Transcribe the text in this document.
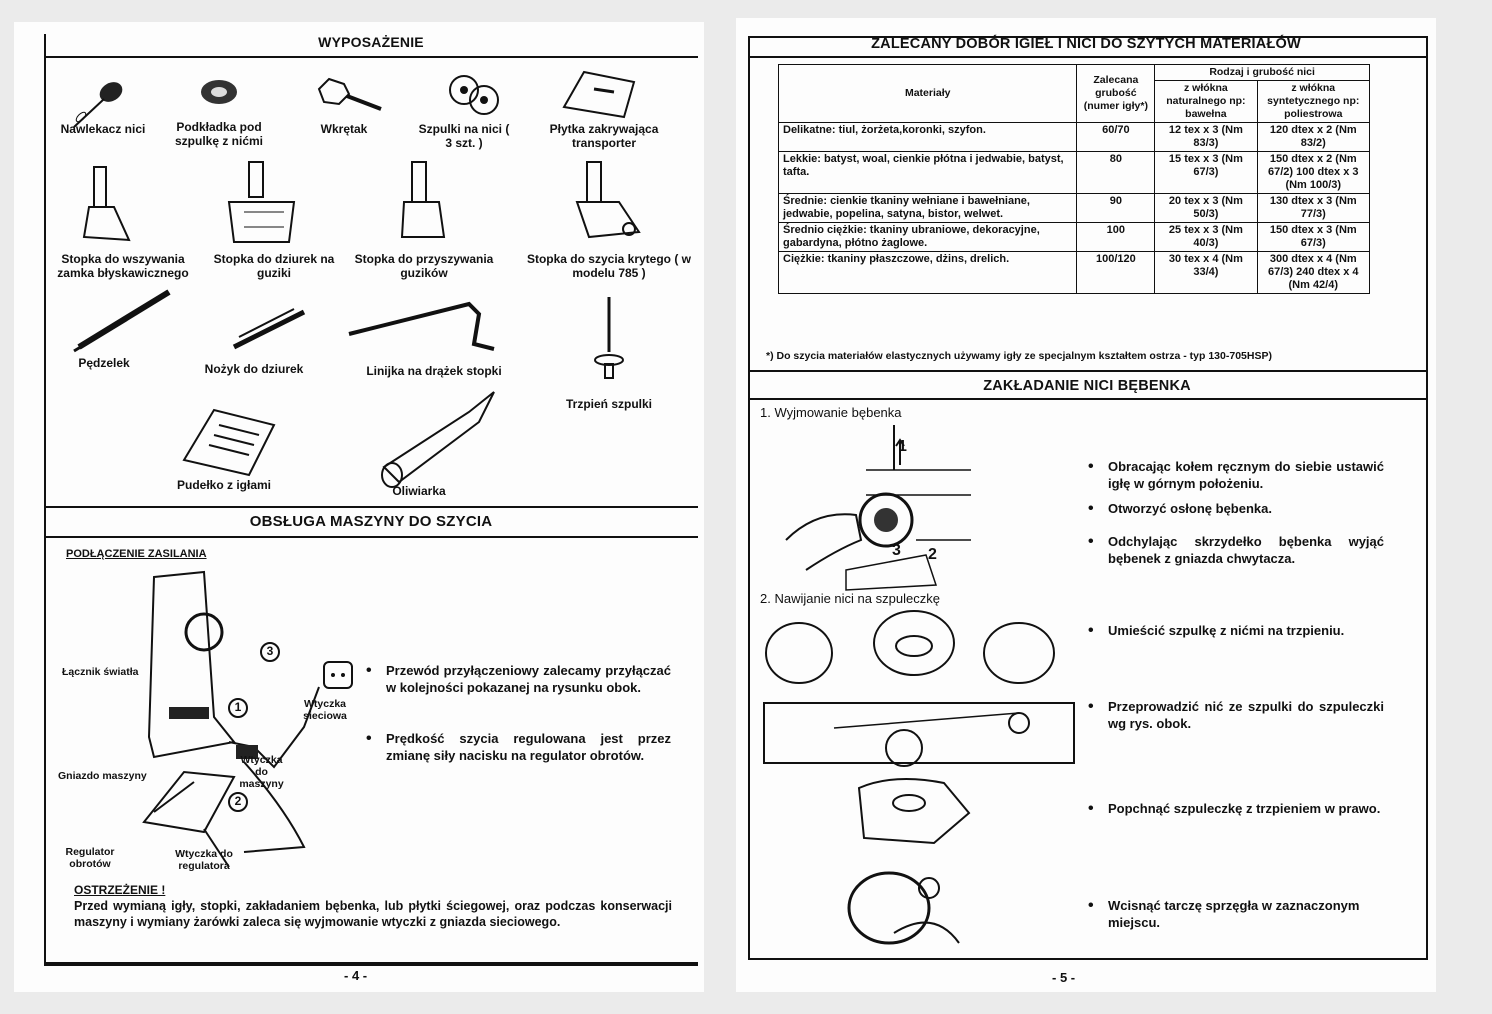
WYPOSAŻENIE
Nawlekacz nici	Podkładka pod szpulkę z nićmi
Wkrętak	Szpulki na nici ( 3 szt. )
Płytka zakrywająca transporter
Stopka do wszywania zamka błyskawicznego
Stopka do dziurek na guziki
Stopka do przyszywania guzików
Stopka do szycia krytego ( w modelu 785 )
Pędzelek	Nożyk do dziurek	Linijka na drążek stopki
Trzpień szpulki
Pudełko z igłami	Oliwiarka
OBSŁUGA MASZYNY DO SZYCIA
PODŁĄCZENIE ZASILANIA
Łącznik światła
Gniazdo maszyny
Regulator obrotów
Wtyczka do regulatora
Wtyczka do maszyny
Wtyczka sieciowa
1
2
3
• Przewód przyłączeniowy zalecamy przyłączać w kolejności pokazanej na rysunku obok.
• Prędkość szycia regulowana jest przez zmianę siły nacisku na regulator obrotów.
OSTRZEŻENIE !
Przed wymianą igły, stopki, zakładaniem bębenka, lub płytki ściegowej, oraz podczas konserwacji maszyny i wymiany żarówki zaleca się wyjmowanie wtyczki z gniazda sieciowego.
- 4 -
ZALECANY DOBÓR IGIEŁ I NICI DO SZYTYCH MATERIAŁÓW
Materiały	Zalecana grubość (numer igły*)	Rodzaj i grubość nici	
		z włókna naturalnego np: bawełna	z włókna syntetycznego np: poliestrowa
Delikatne: tiul, żorżeta,koronki, szyfon.	60/70	12 tex x 3 (Nm 83/3)	120 dtex x 2 (Nm 83/2)
Lekkie: batyst, woal, cienkie płótna i jedwabie, batyst, tafta.	80	15 tex x 3 (Nm 67/3)	150 dtex x 2 (Nm 67/2) 100 dtex x 3 (Nm 100/3)
Średnie: cienkie tkaniny wełniane i bawełniane, jedwabie, popelina, satyna, bistor, welwet.	90	20 tex x 3 (Nm 50/3)	130 dtex x 3 (Nm 77/3)
Średnio ciężkie: tkaniny ubraniowe, dekoracyjne, gabardyna, płótno żaglowe.	100	25 tex x 3 (Nm 40/3)	150 dtex x 3 (Nm 67/3)
Ciężkie: tkaniny płaszczowe, dżins, drelich.	100/120	30 tex x 4 (Nm 33/4)	300 dtex x 4 (Nm 67/3) 240 dtex x 4 (Nm 42/4)
*) Do szycia materiałów elastycznych używamy igły ze specjalnym kształtem ostrza - typ 130-705HSP)
ZAKŁADANIE NICI BĘBENKA
1. Wyjmowanie bębenka
1
2
3
2. Nawijanie nici na szpuleczkę
• Obracając kołem ręcznym do siebie ustawić igłę w górnym położeniu.
• Otworzyć osłonę bębenka.
• Odchylając skrzydełko bębenka wyjąć bębenek z gniazda chwytacza.
• Umieścić szpulkę z nićmi na trzpieniu.
• Przeprowadzić nić ze szpulki do szpuleczki wg rys. obok.
• Popchnąć szpuleczkę z trzpieniem w prawo.
• Wcisnąć tarczę sprzęgła w zaznaczonym miejscu.
- 5 -
